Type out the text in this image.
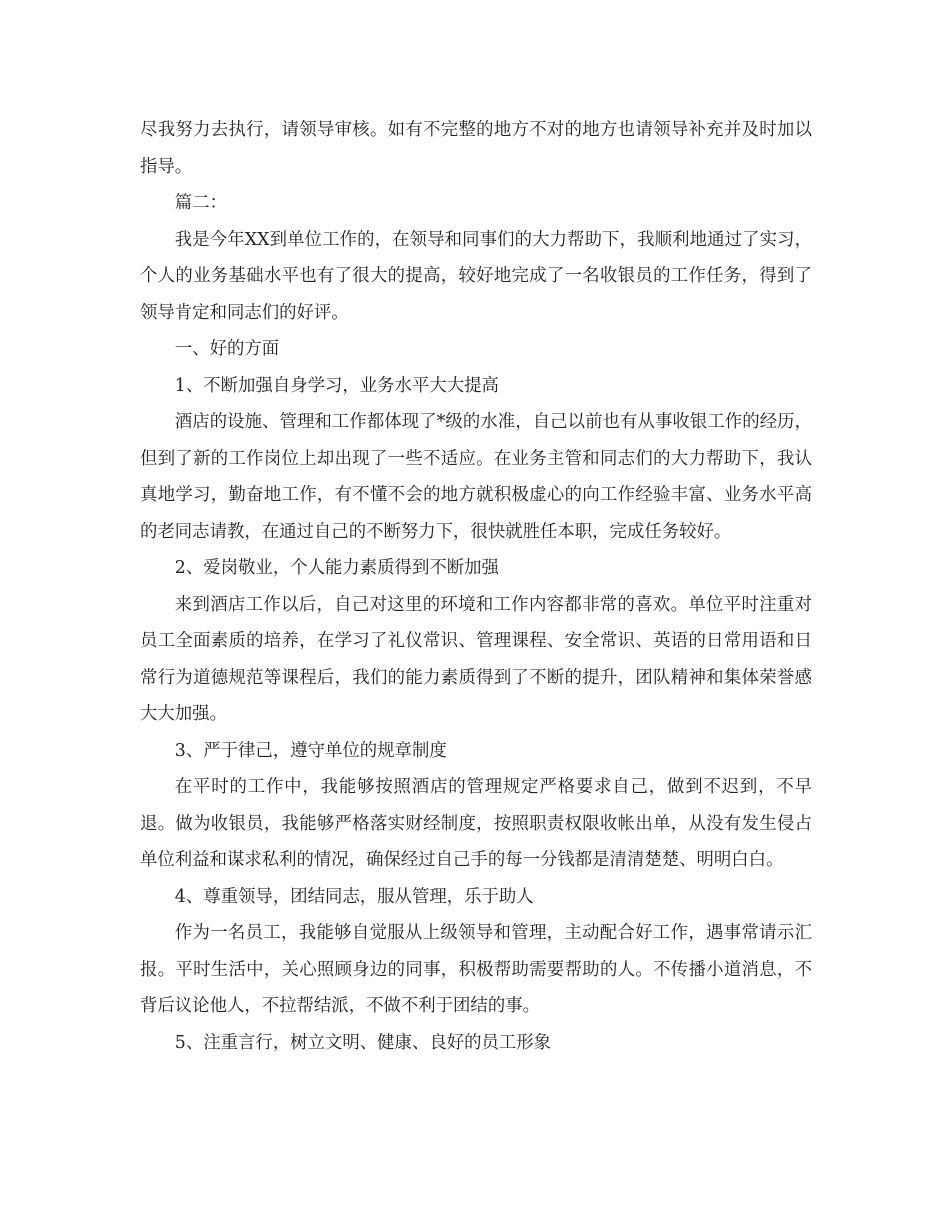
尽我努力去执行，请领导审核。如有不完整的地方不对的地方也请领导补充并及时加以指导。

篇二：

我是今年XX到单位工作的，在领导和同事们的大力帮助下，我顺利地通过了实习，个人的业务基础水平也有了很大的提高，较好地完成了一名收银员的工作任务，得到了领导肯定和同志们的好评。

一、好的方面

1、不断加强自身学习，业务水平大大提高

酒店的设施、管理和工作都体现了*级的水准，自己以前也有从事收银工作的经历，但到了新的工作岗位上却出现了一些不适应。在业务主管和同志们的大力帮助下，我认真地学习，勤奋地工作，有不懂不会的地方就积极虚心的向工作经验丰富、业务水平高的老同志请教，在通过自己的不断努力下，很快就胜任本职，完成任务较好。

2、爱岗敬业，个人能力素质得到不断加强

来到酒店工作以后，自己对这里的环境和工作内容都非常的喜欢。单位平时注重对员工全面素质的培养，在学习了礼仪常识、管理课程、安全常识、英语的日常用语和日常行为道德规范等课程后，我们的能力素质得到了不断的提升，团队精神和集体荣誉感大大加强。

3、严于律己，遵守单位的规章制度

在平时的工作中，我能够按照酒店的管理规定严格要求自己，做到不迟到，不早退。做为收银员，我能够严格落实财经制度，按照职责权限收帐出单，从没有发生侵占单位利益和谋求私利的情况，确保经过自己手的每一分钱都是清清楚楚、明明白白。

4、尊重领导，团结同志，服从管理，乐于助人

作为一名员工，我能够自觉服从上级领导和管理，主动配合好工作，遇事常请示汇报。平时生活中，关心照顾身边的同事，积极帮助需要帮助的人。不传播小道消息，不背后议论他人，不拉帮结派，不做不利于团结的事。

5、注重言行，树立文明、健康、良好的员工形象
